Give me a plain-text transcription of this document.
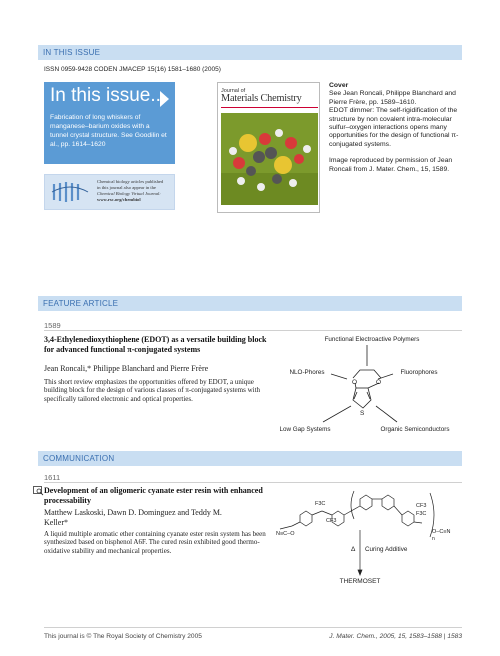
IN THIS ISSUE
ISSN 0959-9428 CODEN JMACEP 15(16) 1581–1680 (2005)
In this issue...
Fabrication of long whiskers of manganese–barium oxides with a tunnel crystal structure. See Goodilin et al., pp. 1614–1620
Chemical biology articles published
in this journal also appear in the
Chemical Biology Virtual Journal:
www.rsc.org/chembiol
Journal of
Materials Chemistry
Cover
See Jean Roncali, Philippe Blanchard and Pierre Frère, pp. 1589–1610.
EDOT dimmer: The self-rigidification of the structure by non covalent intra-molecular sulfur–oxygen interactions opens many opportunities for the design of functional π-conjugated systems.
Image reproduced by permission of Jean Roncali from J. Mater. Chem., 15, 1589.
FEATURE ARTICLE
1589
3,4-Ethylenedioxythiophene (EDOT) as a versatile building block for advanced functional π-conjugated systems
Jean Roncali,* Philippe Blanchard and Pierre Frère
This short review emphasizes the opportunities offered by EDOT, a unique building block for the design of various classes of π-conjugated systems with specifically tailored electronic and optical properties.
Functional Electroactive Polymers
NLO-Phores	Fluorophores
Low Gap Systems	Organic Semiconductors
O	O
S
COMMUNICATION
1611
Development of an oligomeric cyanate ester resin with enhanced processability
Matthew Laskoski, Dawn D. Dominguez and Teddy M. Keller*
A liquid multiple aromatic ether containing cyanate ester resin system has been synthesized based on bisphenol A6F. The cured resin exhibited good thermo-oxidative stability and mechanical properties.
F3C
CF3
CF3
F3C
N≡C–O	O–C≡N
n
Δ Curing Additive
THERMOSET
This journal is © The Royal Society of Chemistry 2005	J. Mater. Chem., 2005, 15, 1583–1588 | 1583
